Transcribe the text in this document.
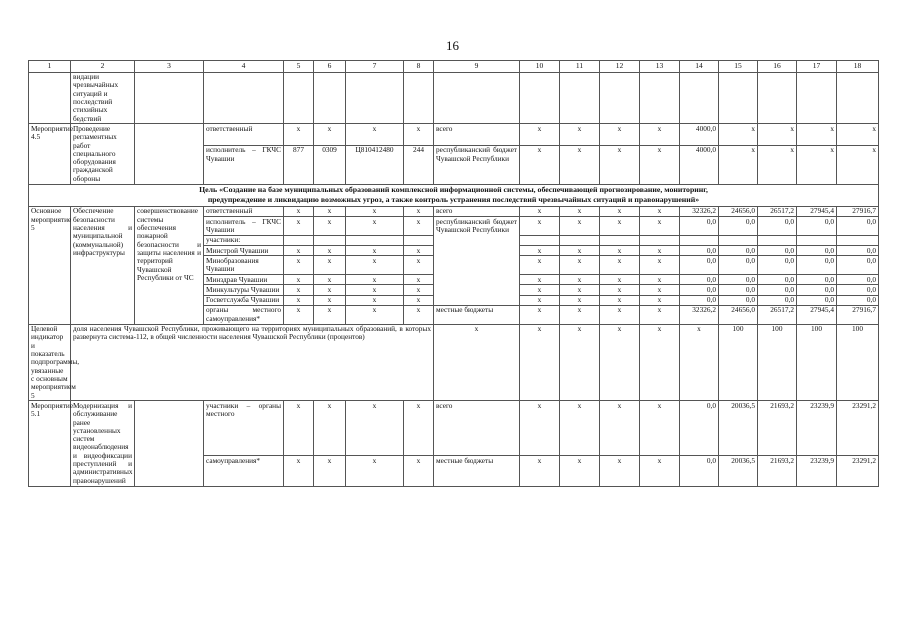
16
1	2	3	4	5	6	7	8	9	10	11	12	13	14	15	16	17	18
	видации чрезвычайных ситуаций и последствий стихийных бедствий																
Мероприятие 4.5	Проведение регламентных работ специального оборудования гражданской обороны		ответственный	x	x	x	x	всего	x	x	x	x	4000,0	x	x	x	x
			исполнитель – ГКЧС Чувашии	877	0309	Ц810412480	244	республиканский бюджет Чувашской Республики	x	x	x	x	4000,0	x	x	x	x

Цель «Создание на базе муниципальных образований комплексной информационной системы, обеспечивающей прогнозирование, мониторинг,
предупреждение и ликвидацию возможных угроз, а также контроль устранения последствий чрезвычайных ситуаций и правонарушений»																	

Основное мероприятие 5	Обеспечение безопасности населения и муниципальной (коммунальной) инфраструктуры	совершенствование системы обеспечения пожарной безопасности и защиты населения и территорий Чувашской Республики от ЧС	ответственный	x	x	x	x	всего	x	x	x	x	32326,2	24656,0	26517,2	27945,4	27916,7
			исполнитель – ГКЧС Чувашии	x	x	x	x	республиканский бюджет Чувашской Республики	x	x	x	x	0,0	0,0	0,0	0,0	0,0
			участники:														
			Минстрой Чувашии	x	x	x	x		x	x	x	x	0,0	0,0	0,0	0,0	0,0
			Минобразования Чувашии	x	x	x	x		x	x	x	x	0,0	0,0	0,0	0,0	0,0
			Минздрав Чувашии	x	x	x	x		x	x	x	x	0,0	0,0	0,0	0,0	0,0
			Минкультуры Чувашии	x	x	x	x		x	x	x	x	0,0	0,0	0,0	0,0	0,0
			Госветслужба Чувашии	x	x	x	x		x	x	x	x	0,0	0,0	0,0	0,0	0,0
			органы местного самоуправления*	x	x	x	x	местные бюджеты	x	x	x	x	32326,2	24656,0	26517,2	27945,4	27916,7
Целевой индикатор и показатель подпрограммы, увязанные с основным мероприятием 5	доля населения Чувашской Республики, проживающего на территориях муниципальных образований, в которых развернута система-112, в общей численности населения Чувашской Республики (процентов)							x	x	x	x	x	x	100	100	100	100
Мероприятие 5.1	Модернизация и обслуживание ранее установленных систем видеонаблюдения и видеофиксации преступлений и административных правонарушений		участники – органы местного	x	x	x	x	всего	x	x	x	x	0,0	20036,5	21693,2	23239,9	23291,2
			самоуправления*	x	x	x	x	местные бюджеты	x	x	x	x	0,0	20036,5	21693,2	23239,9	23291,2
